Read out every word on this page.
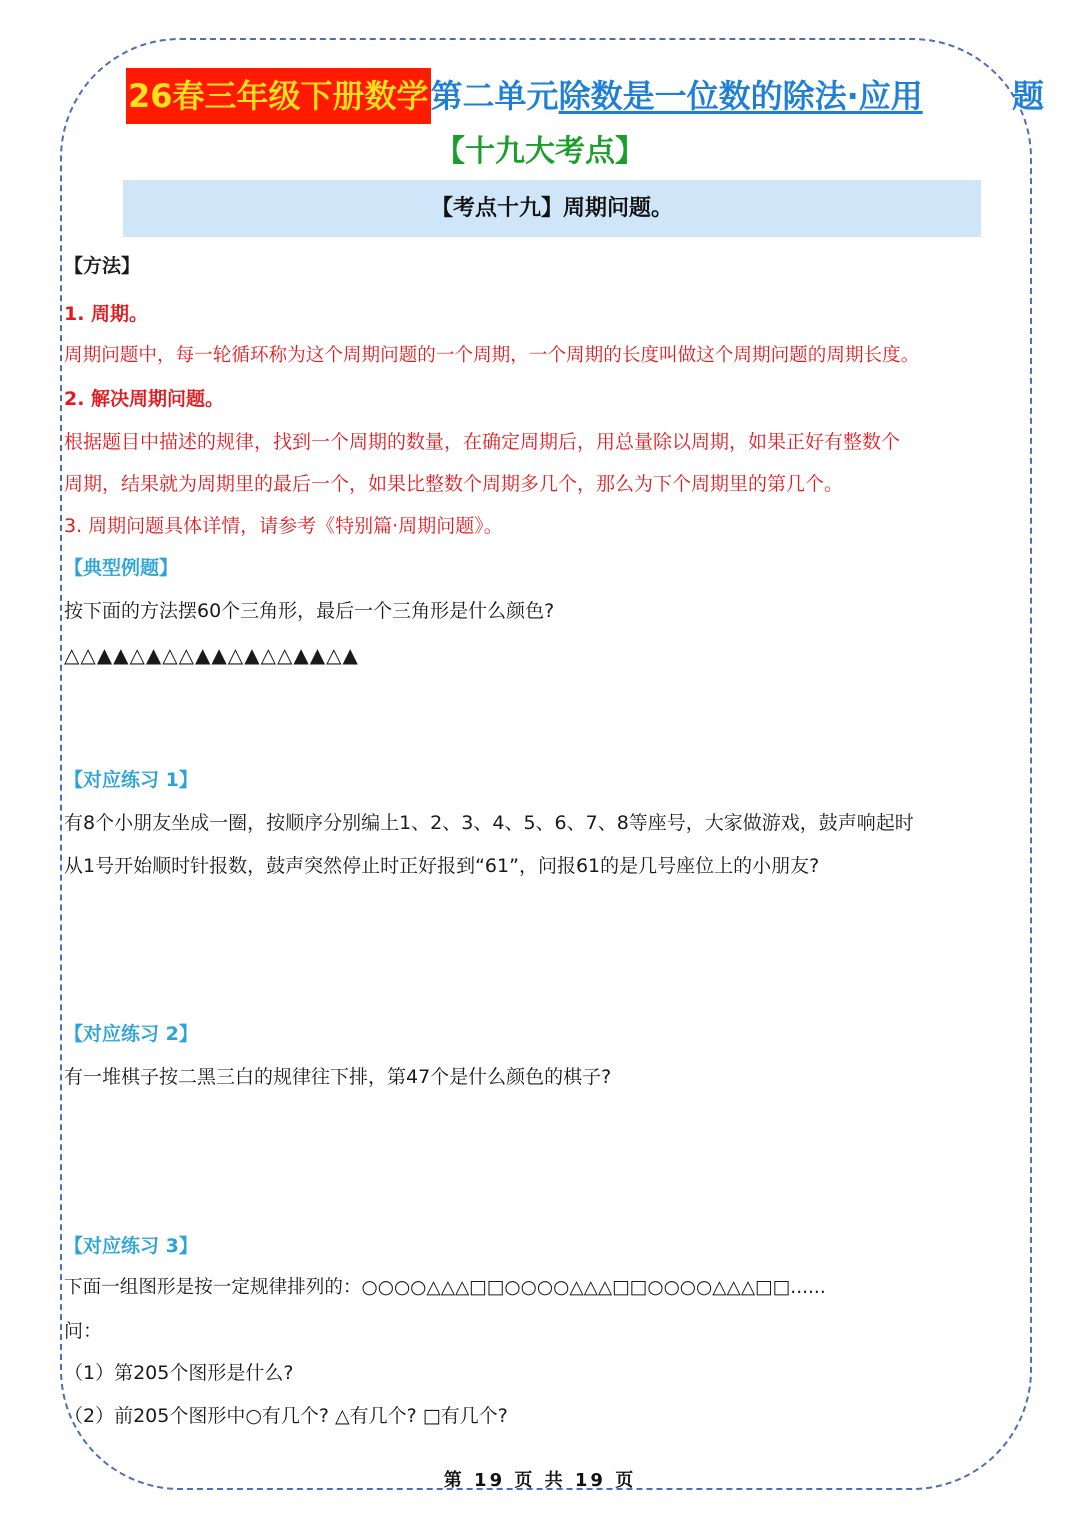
26春三年级下册数学第二单元除数是一位数的除法·应用	题
【十九大考点】
【考点十九】周期问题。
【方法】
1. 周期。
周期问题中，每一轮循环称为这个周期问题的一个周期，一个周期的长度叫做这个周期问题的周期长度。
2. 解决周期问题。
根据题目中描述的规律，找到一个周期的数量，在确定周期后，用总量除以周期，如果正好有整数个
周期，结果就为周期里的最后一个，如果比整数个周期多几个，那么为下个周期里的第几个。
3. 周期问题具体详情，请参考《特别篇·周期问题》。
【典型例题】
按下面的方法摆60个三角形，最后一个三角形是什么颜色?
△△▲▲△▲△△▲▲△▲△△▲▲△▲
【对应练习 1】
有8个小朋友坐成一圈，按顺序分别编上1、2、3、4、5、6、7、8等座号，大家做游戏，鼓声响起时
从1号开始顺时针报数，鼓声突然停止时正好报到“61”，问报61的是几号座位上的小朋友?
【对应练习 2】
有一堆棋子按二黑三白的规律往下排，第47个是什么颜色的棋子?
【对应练习 3】
下面一组图形是按一定规律排列的：○○○○△△△□□○○○○△△△□□○○○○△△△□□......
问：
（1）第205个图形是什么?
（2）前205个图形中○有几个? △有几个? □有几个?
第 19 页 共 19 页
